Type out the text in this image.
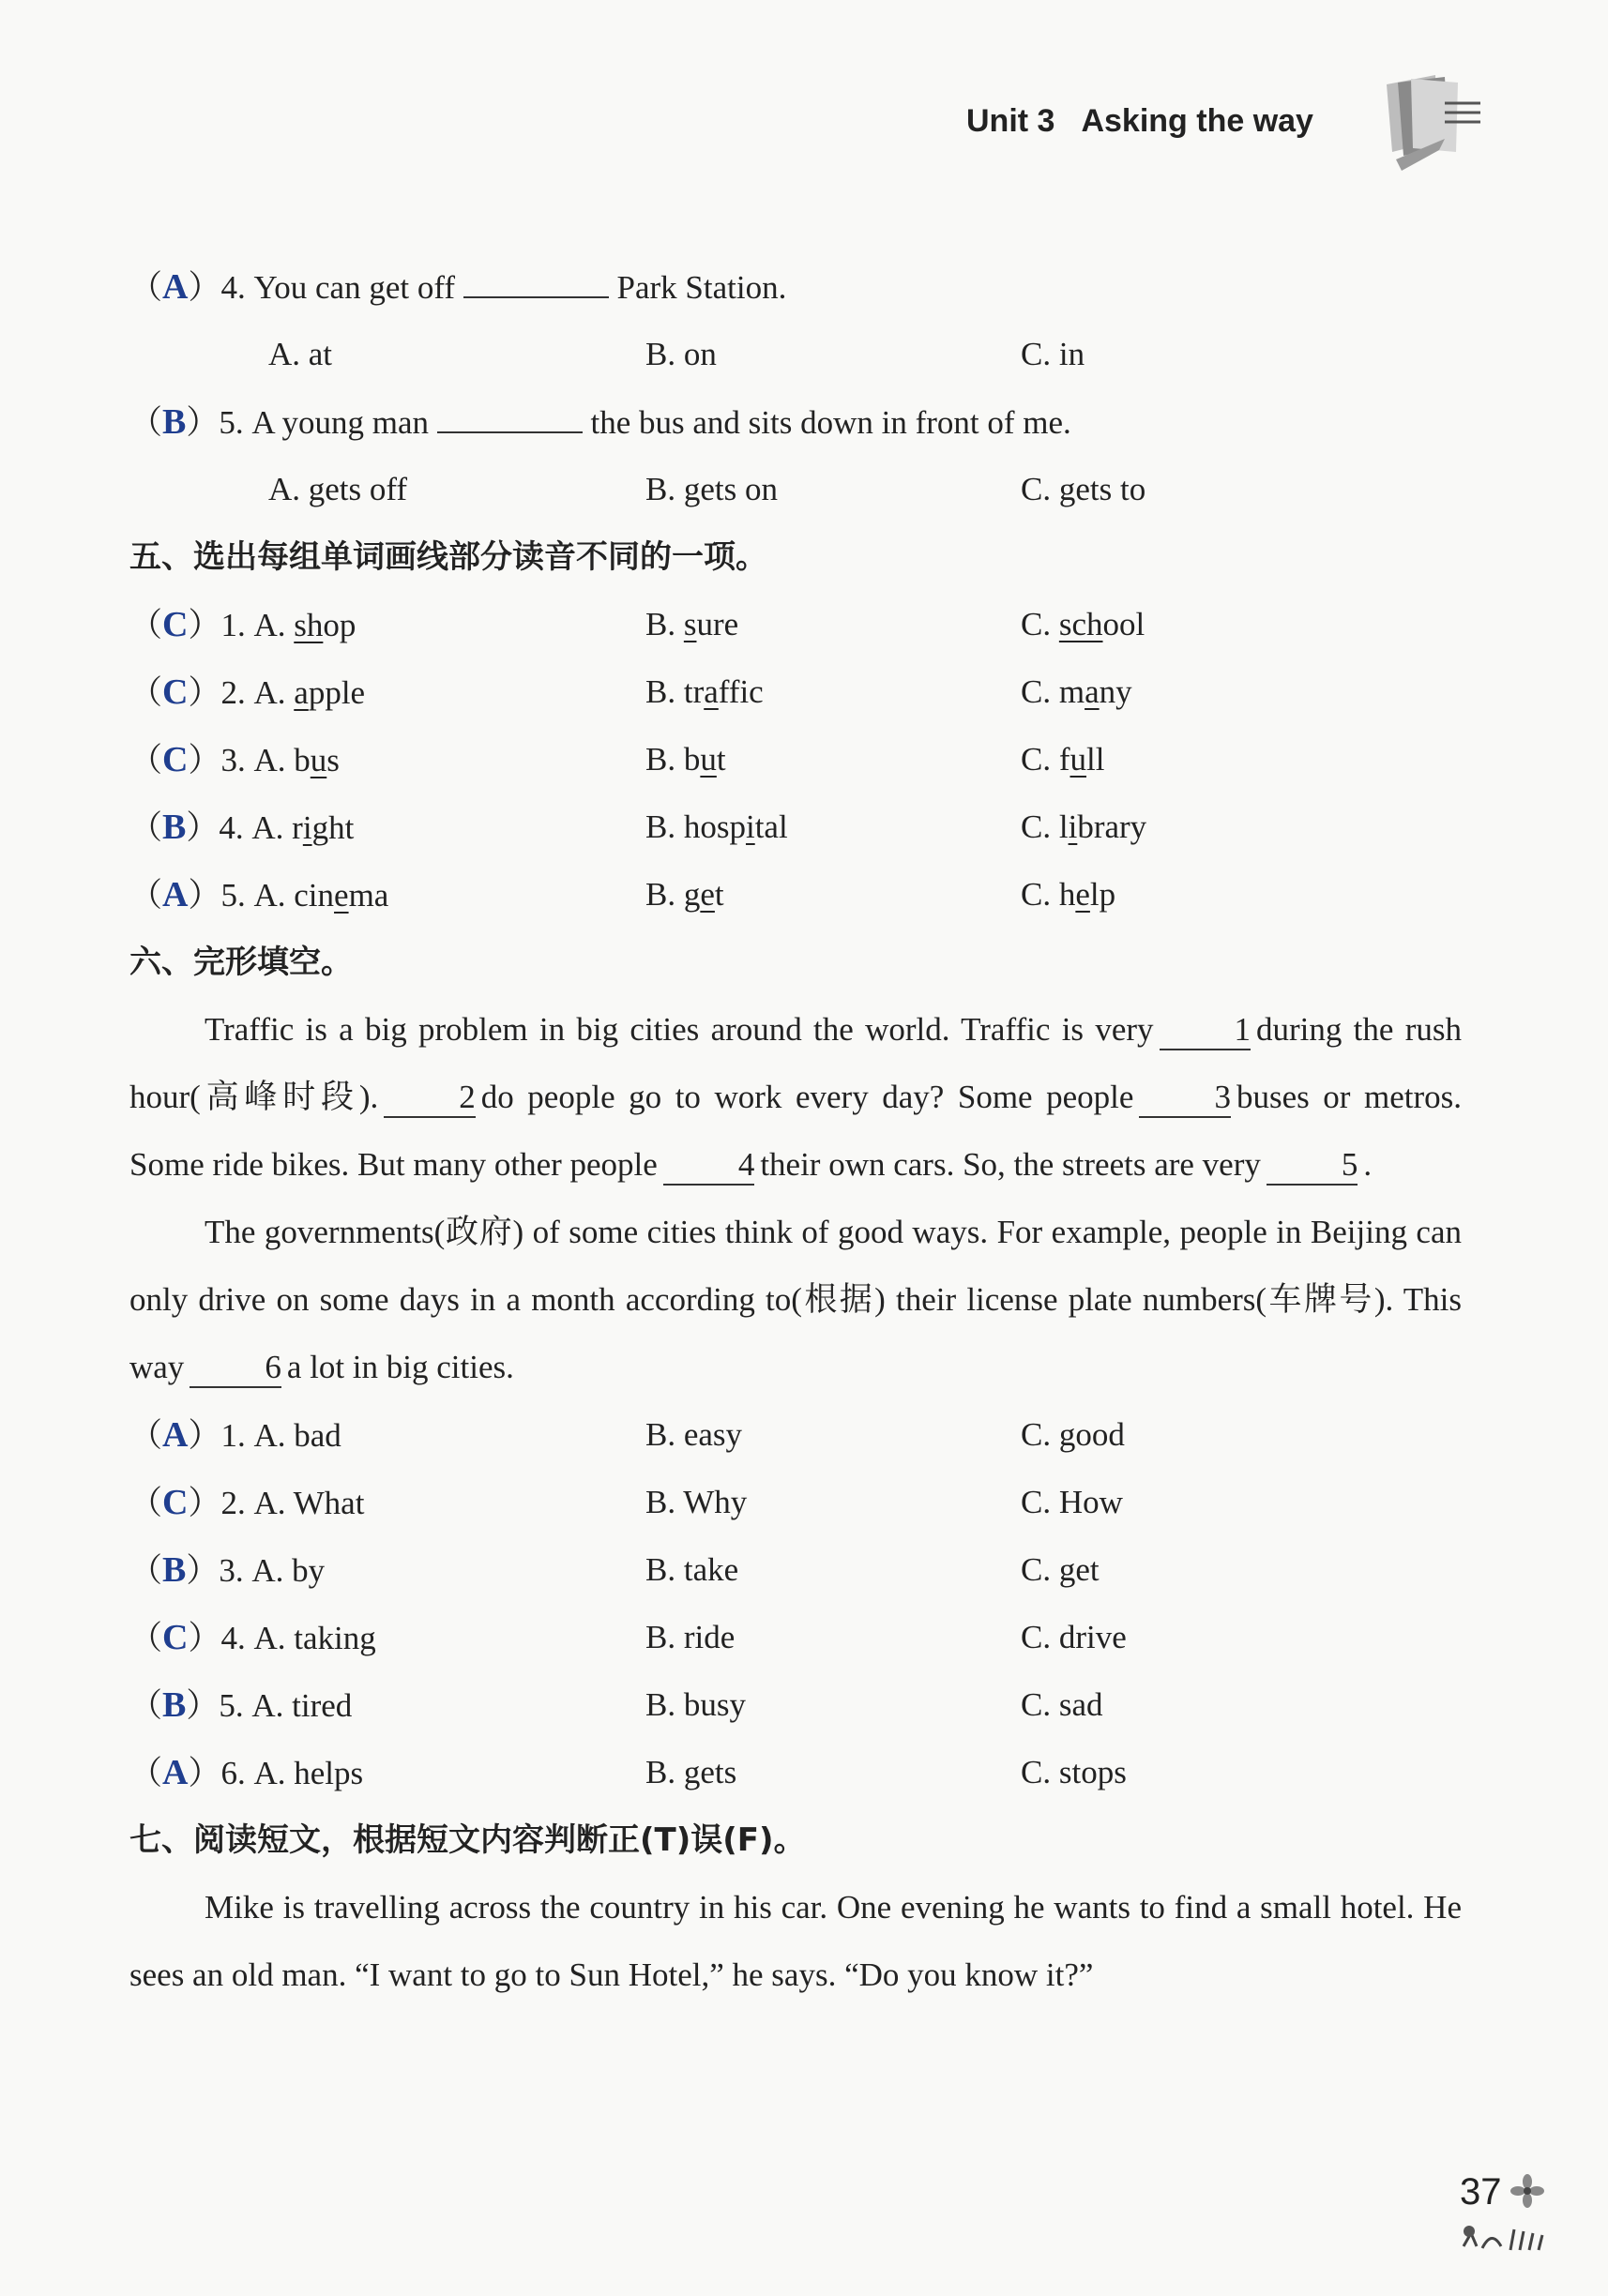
Unit 3 Asking the way
（A）4. You can get off	Park Station.
A. at	B. on	C. in
（B）5. A young man	the bus and sits down in front of me.
A. gets off	B. gets on	C. gets to
五、选出每组单词画线部分读音不同的一项。
（C）1. A. shop	B. sure	C. school
（C）2. A. apple	B. traffic	C. many
（C）3. A. bus	B. but	C. full
（B）4. A. right	B. hospital	C. library
（A）5. A. cinema	B. get	C. help
六、完形填空。

Traffic is a big problem in big cities around the world. Traffic is very 1 during the rush hour(高峰时段). 2 do people go to work every day? Some people 3 buses or metros. Some ride bikes. But many other people 4 their own cars. So, the streets are very 5 .

The governments(政府) of some cities think of good ways. For example, people in Beijing can only drive on some days in a month according to(根据) their license plate numbers(车牌号). This way 6 a lot in big cities.

（A）1. A. bad	B. easy	C. good
（C）2. A. What	B. Why	C. How
（B）3. A. by	B. take	C. get
（C）4. A. taking	B. ride	C. drive
（B）5. A. tired	B. busy	C. sad
（A）6. A. helps	B. gets	C. stops
七、阅读短文，根据短文内容判断正(T)误(F)。

Mike is travelling across the country in his car. One evening he wants to find a small hotel. He sees an old man. “I want to go to Sun Hotel,” he says. “Do you know it?”

37
